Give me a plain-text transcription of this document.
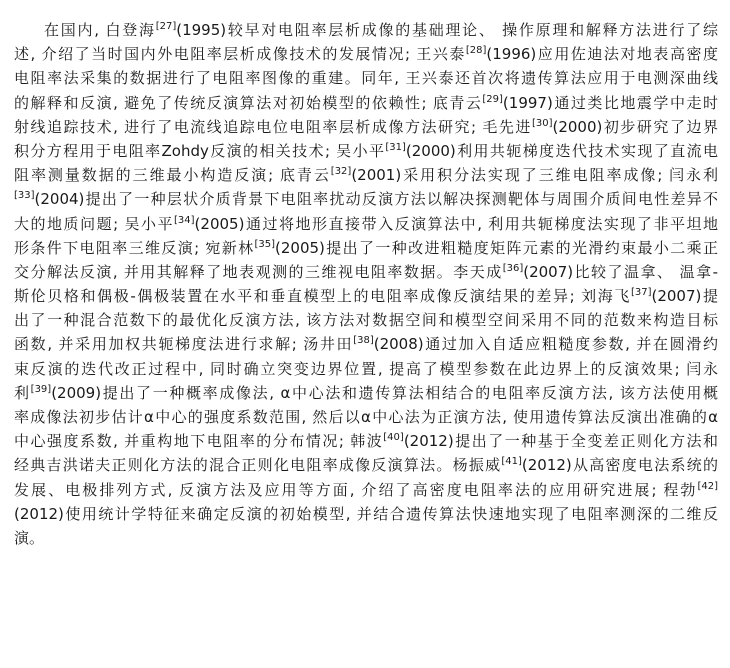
在国内, 白登海[27](1995)较早对电阻率层析成像的基础理论、 操作原理和解释方法进行了综
述, 介绍了当时国内外电阻率层析成像技术的发展情况; 王兴泰[28](1996)应用佐迪法对地表高密度
电阻率法采集的数据进行了电阻率图像的重建。同年, 王兴泰还首次将遗传算法应用于电测深曲线
的解释和反演, 避免了传统反演算法对初始模型的依赖性; 底青云[29](1997)通过类比地震学中走时
射线追踪技术, 进行了电流线追踪电位电阻率层析成像方法研究; 毛先进[30](2000)初步研究了边界
积分方程用于电阻率Zohdy反演的相关技术; 吴小平[31](2000)利用共轭梯度迭代技术实现了直流电
阻率测量数据的三维最小构造反演; 底青云[32](2001)采用积分法实现了三维电阻率成像; 闫永利
[33](2004)提出了一种层状介质背景下电阻率扰动反演方法以解决探测靶体与周围介质间电性差异不
大的地质问题; 吴小平[34](2005)通过将地形直接带入反演算法中, 利用共轭梯度法实现了非平坦地
形条件下电阻率三维反演; 宛新林[35](2005)提出了一种改进粗糙度矩阵元素的光滑约束最小二乘正
交分解法反演, 并用其解释了地表观测的三维视电阻率数据。李天成[36](2007)比较了温拿、 温拿-
斯伦贝格和偶极-偶极装置在水平和垂直模型上的电阻率成像反演结果的差异; 刘海飞[37](2007)提
出了一种混合范数下的最优化反演方法, 该方法对数据空间和模型空间采用不同的范数来构造目标
函数, 并采用加权共轭梯度法进行求解; 汤井田[38](2008)通过加入自适应粗糙度参数, 并在圆滑约
束反演的迭代改正过程中, 同时确立突变边界位置, 提高了模型参数在此边界上的反演效果; 闫永
利[39](2009)提出了一种概率成像法, α中心法和遗传算法相结合的电阻率反演方法, 该方法使用概
率成像法初步估计α中心的强度系数范围, 然后以α中心法为正演方法, 使用遗传算法反演出准确的α
中心强度系数, 并重构地下电阻率的分布情况; 韩波[40](2012)提出了一种基于全变差正则化方法和
经典吉洪诺夫正则化方法的混合正则化电阻率成像反演算法。杨振威[41](2012)从高密度电法系统的
发展、电极排列方式, 反演方法及应用等方面, 介绍了高密度电阻率法的应用研究进展; 程勃[42]
(2012)使用统计学特征来确定反演的初始模型, 并结合遗传算法快速地实现了电阻率测深的二维反
演。
